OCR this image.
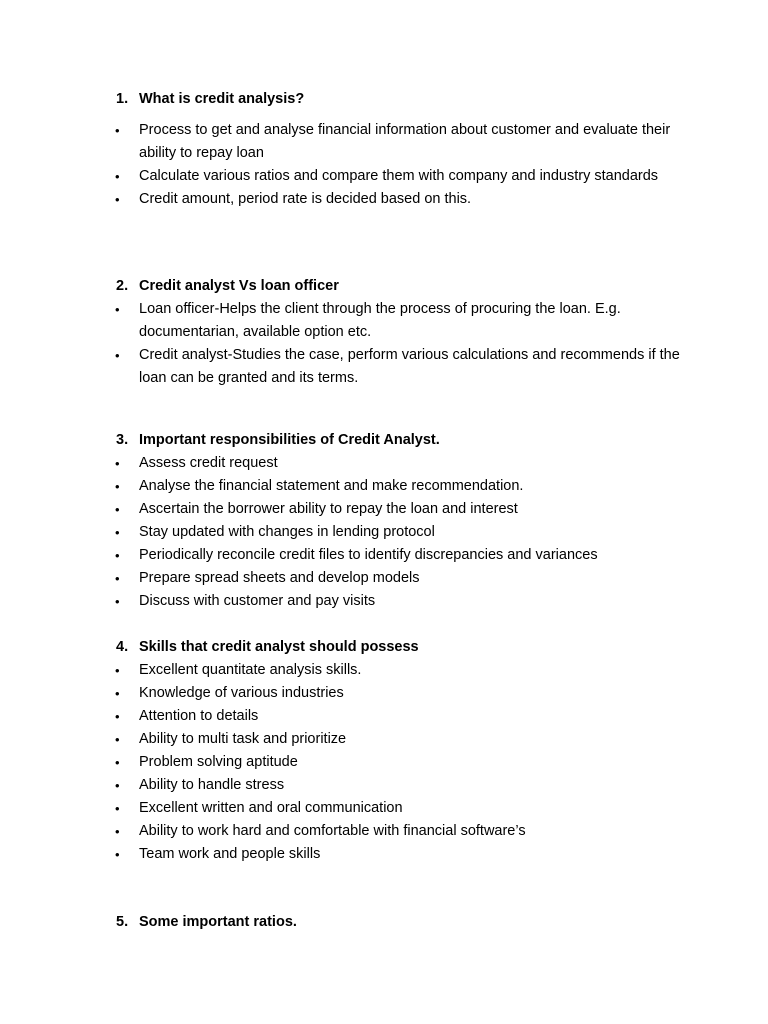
1. What is credit analysis?
•	Process to get and analyse financial information about customer and evaluate their ability to repay loan
•	Calculate various ratios and compare them with company and industry standards
•	Credit amount, period rate is decided based on this.
2. Credit analyst Vs loan officer
•	Loan officer-Helps the client through the process of procuring the loan. E.g. documentarian, available option etc.
•	Credit analyst-Studies the case, perform various calculations and recommends if the loan can be granted and its terms.
3. Important responsibilities of Credit Analyst.
•	Assess credit request
•	Analyse the financial statement and make recommendation.
•	Ascertain the borrower ability to repay the loan and interest
•	Stay updated with changes in lending protocol
•	Periodically reconcile credit files to identify discrepancies and variances
•	Prepare spread sheets and develop models
•	Discuss with customer and pay visits
4. Skills that credit analyst should possess
•	Excellent quantitate analysis skills.
•	Knowledge of various industries
•	Attention to details
•	Ability to multi task and prioritize
•	Problem solving aptitude
•	Ability to handle stress
•	Excellent written and oral communication
•	Ability to work hard and comfortable with financial software’s
•	Team work and people skills
5. Some important ratios.
